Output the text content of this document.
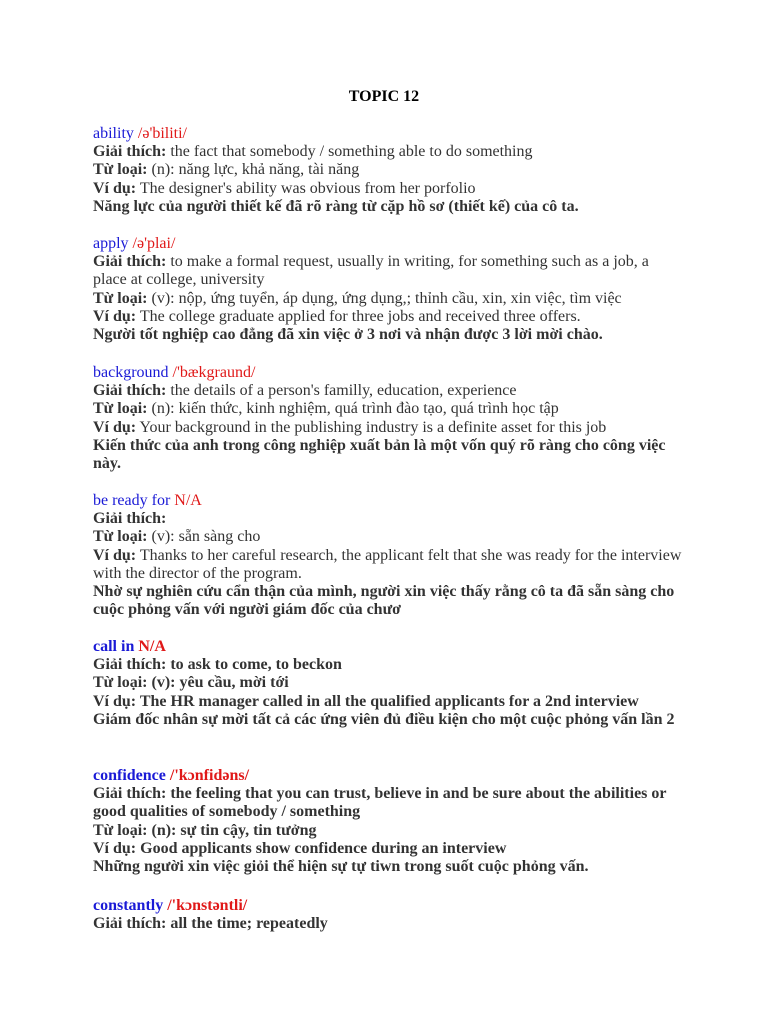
TOPIC 12

ability /ə'biliti/

Giải thích: the fact that somebody / something able to do something

Từ loại: (n): năng lực, khả năng, tài năng

Ví dụ: The designer's ability was obvious from her porfolio

Năng lực của người thiết kế đã rõ ràng từ cặp hồ sơ (thiết kế) của cô ta.

apply /ə'plai/

Giải thích: to make a formal request, usually in writing, for something such as a job, a place at college, university

Từ loại: (v): nộp, ứng tuyển, áp dụng, ứng dụng,; thỉnh cầu, xin, xin việc, tìm việc

Ví dụ: The college graduate applied for three jobs and received three offers.

Người tốt nghiệp cao đẳng đã xin việc ở 3 nơi và nhận được 3 lời mời chào.

background /'bækgraund/

Giải thích: the details of a person's familly, education, experience

Từ loại: (n): kiến thức, kinh nghiệm, quá trình đào tạo, quá trình học tập

Ví dụ: Your background in the publishing industry is a definite asset for this job

Kiến thức của anh trong công nghiệp xuất bản là một vốn quý rõ ràng cho công việc này.

be ready for N/A

Giải thích:

Từ loại: (v): sẵn sàng cho

Ví dụ: Thanks to her careful research, the applicant felt that she was ready for the interview with the director of the program.

Nhờ sự nghiên cứu cẩn thận của mình, người xin việc thấy rằng cô ta đã sẵn sàng cho cuộc phỏng vấn với người giám đốc của chươ

call in N/A

Giải thích: to ask to come, to beckon

Từ loại: (v): yêu cầu, mời tới

Ví dụ: The HR manager called in all the qualified applicants for a 2nd interview

Giám đốc nhân sự mời tất cả các ứng viên đủ điều kiện cho một cuộc phỏng vấn lần 2

confidence /'kɔnfidəns/

Giải thích: the feeling that you can trust, believe in and be sure about the abilities or good qualities of somebody / something

Từ loại: (n): sự tin cậy, tin tưởng

Ví dụ: Good applicants show confidence during an interview

Những người xin việc giỏi thể hiện sự tự tiwn trong suốt cuộc phỏng vấn.

constantly /'kɔnstəntli/

Giải thích: all the time; repeatedly
